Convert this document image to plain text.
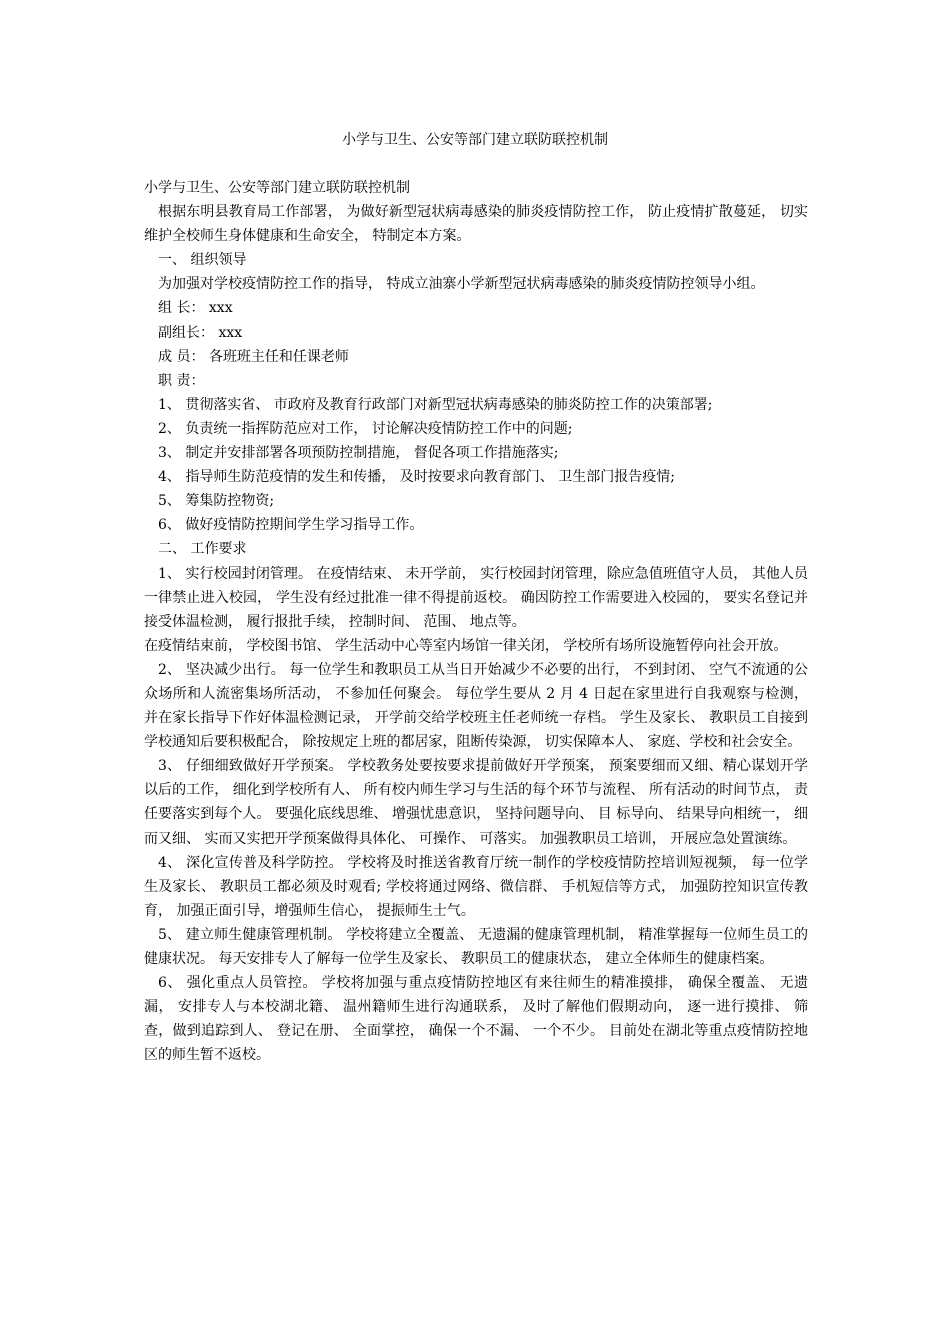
小学与卫生、公安等部门建立联防联控机制

小学与卫生、公安等部门建立联防联控机制

根据东明县教育局工作部署， 为做好新型冠状病毒感染的肺炎疫情防控工作， 防止疫情扩散蔓延， 切实维护全校师生身体健康和生命安全， 特制定本方案。

一、 组织领导

为加强对学校疫情防控工作的指导， 特成立油寨小学新型冠状病毒感染的肺炎疫情防控领导小组。

组 长： xxx

副组长： xxx

成 员： 各班班主任和任课老师

职 责：

1、 贯彻落实省、 市政府及教育行政部门对新型冠状病毒感染的肺炎防控工作的决策部署;

2、 负责统一指挥防范应对工作， 讨论解决疫情防控工作中的问题;

3、 制定并安排部署各项预防控制措施， 督促各项工作措施落实;

4、 指导师生防范疫情的发生和传播， 及时按要求向教育部门、 卫生部门报告疫情;

5、 筹集防控物资;

6、 做好疫情防控期间学生学习指导工作。

二、 工作要求

1、 实行校园封闭管理。 在疫情结束、 未开学前， 实行校园封闭管理，除应急值班值守人员， 其他人员一律禁止进入校园， 学生没有经过批准一律不得提前返校。 确因防控工作需要进入校园的， 要实名登记并接受体温检测， 履行报批手续， 控制时间、 范围、 地点等。

在疫情结束前， 学校图书馆、 学生活动中心等室内场馆一律关闭， 学校所有场所设施暂停向社会开放。

2、 坚决减少出行。 每一位学生和教职员工从当日开始减少不必要的出行， 不到封闭、 空气不流通的公众场所和人流密集场所活动， 不参加任何聚会。 每位学生要从 2 月 4 日起在家里进行自我观察与检测， 并在家长指导下作好体温检测记录， 开学前交给学校班主任老师统一存档。 学生及家长、 教职员工自接到学校通知后要积极配合， 除按规定上班的都居家，阻断传染源， 切实保障本人、 家庭、学校和社会安全。

3、 仔细细致做好开学预案。 学校教务处要按要求提前做好开学预案， 预案要细而又细、精心谋划开学以后的工作， 细化到学校所有人、 所有校内师生学习与生活的每个环节与流程、 所有活动的时间节点， 责任要落实到每个人。 要强化底线思维、 增强忧患意识， 坚持问题导向、 目 标导向、 结果导向相统一， 细而又细、 实而又实把开学预案做得具体化、 可操作、 可落实。 加强教职员工培训， 开展应急处置演练。

4、 深化宣传普及科学防控。 学校将及时推送省教育厅统一制作的学校疫情防控培训短视频， 每一位学生及家长、 教职员工都必须及时观看; 学校将通过网络、微信群、 手机短信等方式， 加强防控知识宣传教育， 加强正面引导，增强师生信心， 提振师生士气。

5、 建立师生健康管理机制。 学校将建立全覆盖、 无遗漏的健康管理机制， 精准掌握每一位师生员工的健康状况。 每天安排专人了解每一位学生及家长、 教职员工的健康状态， 建立全体师生的健康档案。

6、 强化重点人员管控。 学校将加强与重点疫情防控地区有来往师生的精准摸排， 确保全覆盖、 无遗漏， 安排专人与本校湖北籍、 温州籍师生进行沟通联系， 及时了解他们假期动向， 逐一进行摸排、 筛查，做到追踪到人、 登记在册、 全面掌控， 确保一个不漏、 一个不少。 目前处在湖北等重点疫情防控地区的师生暂不返校。
